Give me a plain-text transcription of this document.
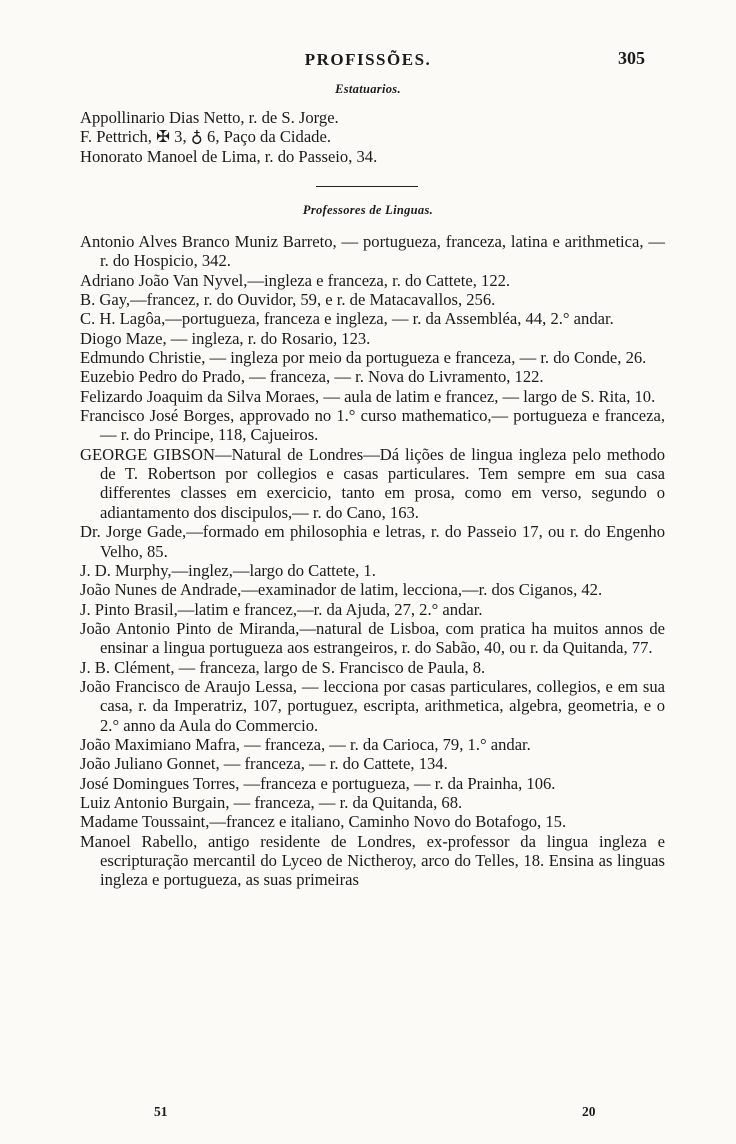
PROFISSÕES.	305
Estatuarios.
Appollinario Dias Netto, r. de S. Jorge.
F. Pettrich, ✠ 3, ♁ 6, Paço da Cidade.
Honorato Manoel de Lima, r. do Passeio, 34.
Professores de Linguas.
Antonio Alves Branco Muniz Barreto, — portugueza, franceza, latina e arithmetica, — r. do Hospicio, 342.
Adriano João Van Nyvel,—ingleza e franceza, r. do Cattete, 122.
B. Gay,—francez, r. do Ouvidor, 59, e r. de Matacavallos, 256.
C. H. Lagôa,—portugueza, franceza e ingleza, — r. da Assembléa, 44, 2.° andar.
Diogo Maze, — ingleza, r. do Rosario, 123.
Edmundo Christie, — ingleza por meio da portugueza e franceza, — r. do Conde, 26.
Euzebio Pedro do Prado, — franceza, — r. Nova do Livramento, 122.
Felizardo Joaquim da Silva Moraes, — aula de latim e francez, — largo de S. Rita, 10.
Francisco José Borges, approvado no 1.° curso mathematico,— portugueza e franceza, — r. do Principe, 118, Cajueiros.
GEORGE GIBSON—Natural de Londres—Dá lições de lingua ingleza pelo methodo de T. Robertson por collegios e casas particulares. Tem sempre em sua casa differentes classes em exercicio, tanto em prosa, como em verso, segundo o adiantamento dos discipulos,— r. do Cano, 163.
Dr. Jorge Gade,—formado em philosophia e letras, r. do Passeio 17, ou r. do Engenho Velho, 85.
J. D. Murphy,—inglez,—largo do Cattete, 1.
João Nunes de Andrade,—examinador de latim, lecciona,—r. dos Ciganos, 42.
J. Pinto Brasil,—latim e francez,—r. da Ajuda, 27, 2.° andar.
João Antonio Pinto de Miranda,—natural de Lisboa, com pratica ha muitos annos de ensinar a lingua portugueza aos estrangeiros, r. do Sabão, 40, ou r. da Quitanda, 77.
J. B. Clément, — franceza, largo de S. Francisco de Paula, 8.
João Francisco de Araujo Lessa, — lecciona por casas particulares, collegios, e em sua casa, r. da Imperatriz, 107, portuguez, escripta, arithmetica, algebra, geometria, e o 2.° anno da Aula do Commercio.
João Maximiano Mafra, — franceza, — r. da Carioca, 79, 1.° andar.
João Juliano Gonnet, — franceza, — r. do Cattete, 134.
José Domingues Torres, —franceza e portugueza, — r. da Prainha, 106.
Luiz Antonio Burgain, — franceza, — r. da Quitanda, 68.
Madame Toussaint,—francez e italiano, Caminho Novo do Botafogo, 15.
Manoel Rabello, antigo residente de Londres, ex-professor da lingua ingleza e escripturação mercantil do Lyceo de Nictheroy, arco do Telles, 18. Ensina as linguas ingleza e portugueza, as suas primeiras
51	20
